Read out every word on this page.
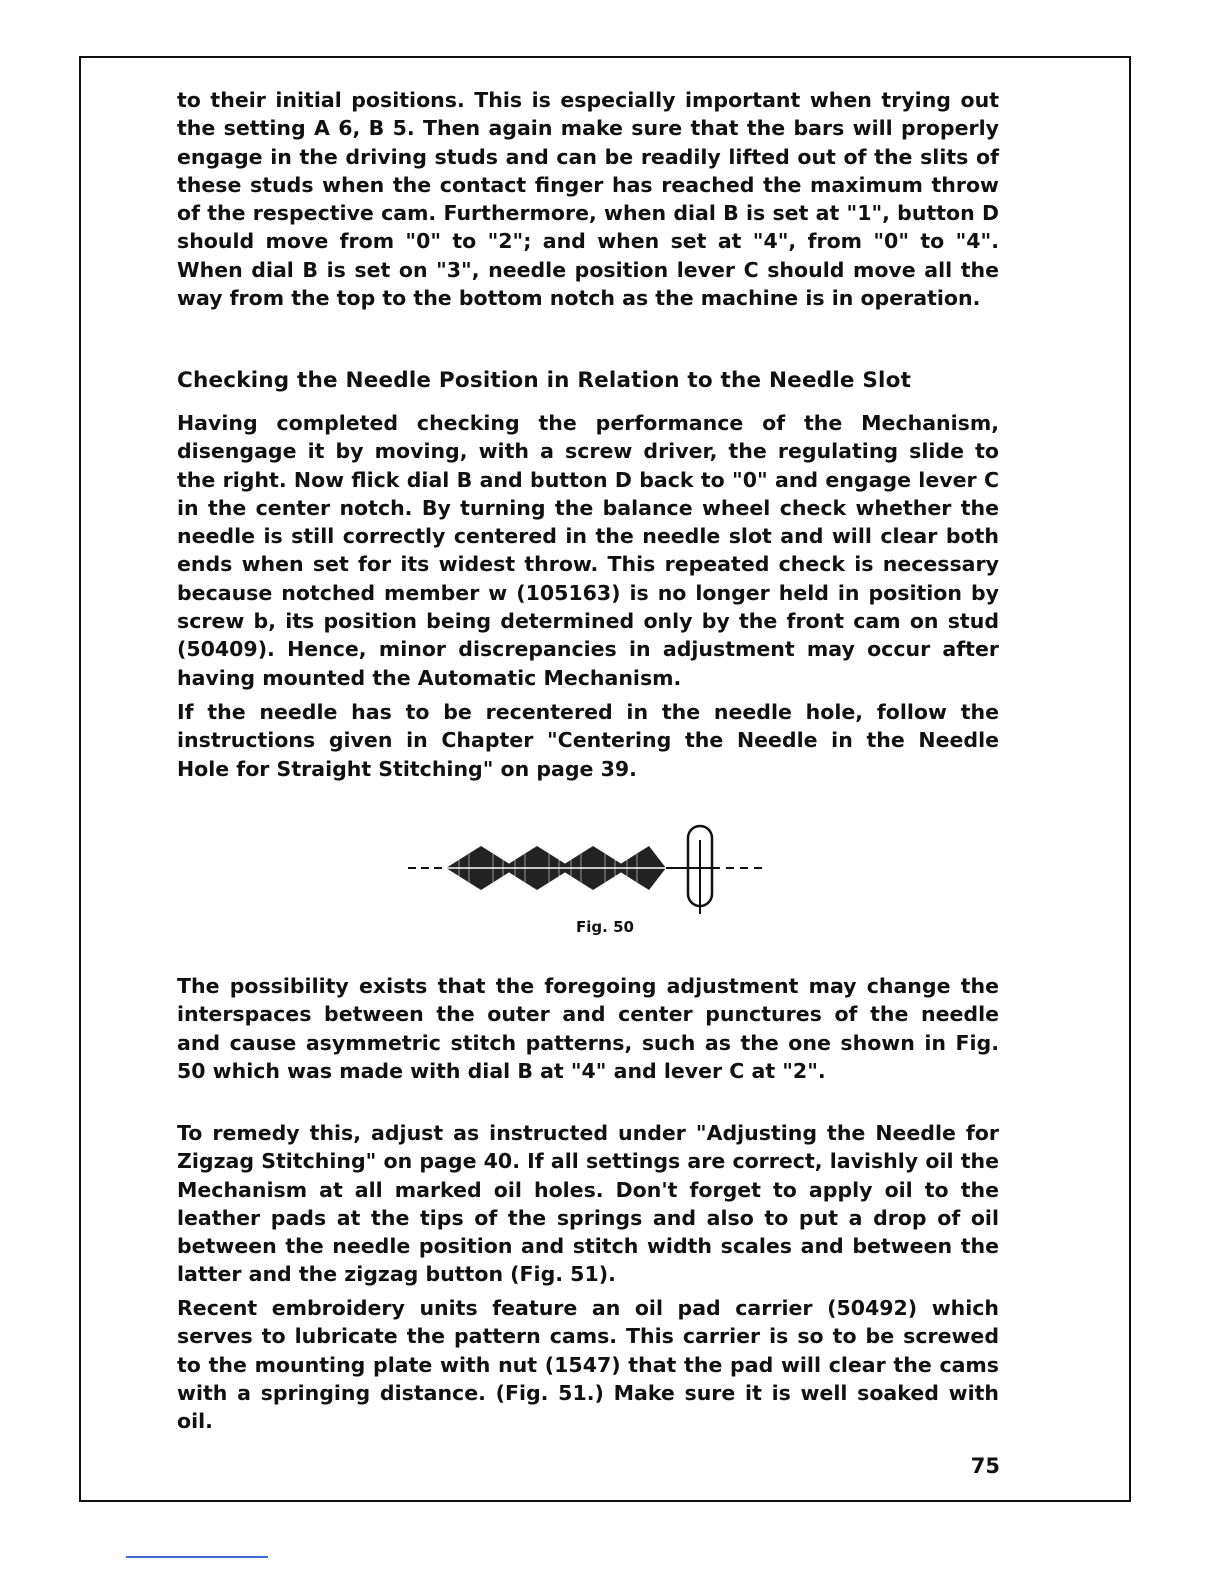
to their initial positions. This is especially important when trying out the setting A 6, B 5. Then again make sure that the bars will properly engage in the driving studs and can be readily lifted out of the slits of these studs when the contact finger has reached the maximum throw of the respective cam. Furthermore, when dial B is set at "1", button D should move from "0" to "2"; and when set at "4", from "0" to "4". When dial B is set on "3", needle position lever C should move all the way from the top to the bottom notch as the machine is in operation.

Checking the Needle Position in Relation to the Needle Slot

Having completed checking the performance of the Mechanism, disengage it by moving, with a screw driver, the regulating slide to the right. Now flick dial B and button D back to "0" and engage lever C in the center notch. By turning the balance wheel check whether the needle is still correctly centered in the needle slot and will clear both ends when set for its widest throw. This repeated check is necessary because notched member w (105163) is no longer held in position by screw b, its position being determined only by the front cam on stud (50409). Hence, minor discrepancies in adjustment may occur after having mounted the Automatic Mechanism.

If the needle has to be recentered in the needle hole, follow the instructions given in Chapter "Centering the Needle in the Needle Hole for Straight Stitching" on page 39.

Fig. 50

The possibility exists that the foregoing adjustment may change the interspaces between the outer and center punctures of the needle and cause asymmetric stitch patterns, such as the one shown in Fig. 50 which was made with dial B at "4" and lever C at "2".

To remedy this, adjust as instructed under "Adjusting the Needle for Zigzag Stitching" on page 40. If all settings are correct, lavishly oil the Mechanism at all marked oil holes. Don't forget to apply oil to the leather pads at the tips of the springs and also to put a drop of oil between the needle position and stitch width scales and between the latter and the zigzag button (Fig. 51).

Recent embroidery units feature an oil pad carrier (50492) which serves to lubricate the pattern cams. This carrier is so to be screwed to the mounting plate with nut (1547) that the pad will clear the cams with a springing distance. (Fig. 51.) Make sure it is well soaked with oil.

75
